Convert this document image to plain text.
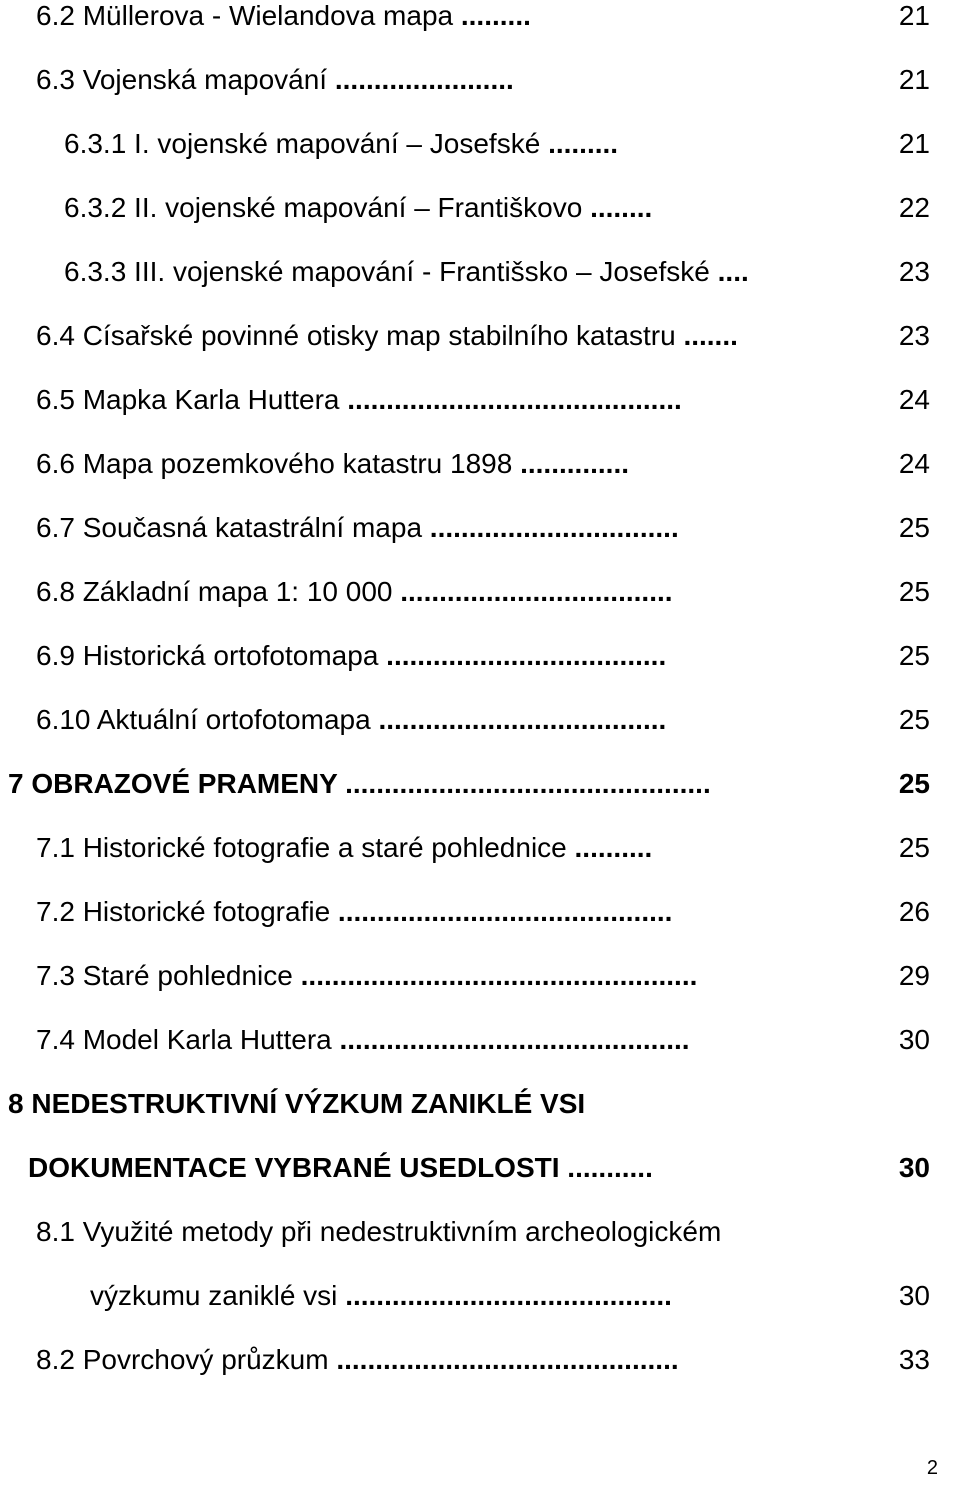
6.2 Müllerova - Wielandova mapa .........	21
6.3 Vojenská mapování .......................	21
6.3.1 I. vojenské mapování – Josefské .........	21
6.3.2 II. vojenské mapování – Františkovo ........	22
6.3.3 III. vojenské mapování - Františsko – Josefské ....	23
6.4 Císařské povinné otisky map stabilního katastru .......	23
6.5 Mapka Karla Huttera ...........................................	24
6.6 Mapa pozemkového katastru 1898 ..............	24
6.7 Současná katastrální mapa ................................	25
6.8 Základní mapa 1: 10 000 ...................................	25
6.9 Historická ortofotomapa ....................................	25
6.10 Aktuální ortofotomapa .....................................	25
7 OBRAZOVÉ PRAMENY ...............................................	25
7.1 Historické fotografie a staré pohlednice ..........	25
7.2 Historické fotografie ...........................................	26
7.3 Staré pohlednice ...................................................	29
7.4 Model Karla Huttera .............................................	30
8 NEDESTRUKTIVNÍ VÝZKUM ZANIKLÉ VSI
DOKUMENTACE VYBRANÉ USEDLOSTI ...........	30
8.1 Využité metody při nedestruktivním archeologickém
výzkumu zaniklé vsi ..........................................	30
8.2 Povrchový průzkum ............................................	33
2
